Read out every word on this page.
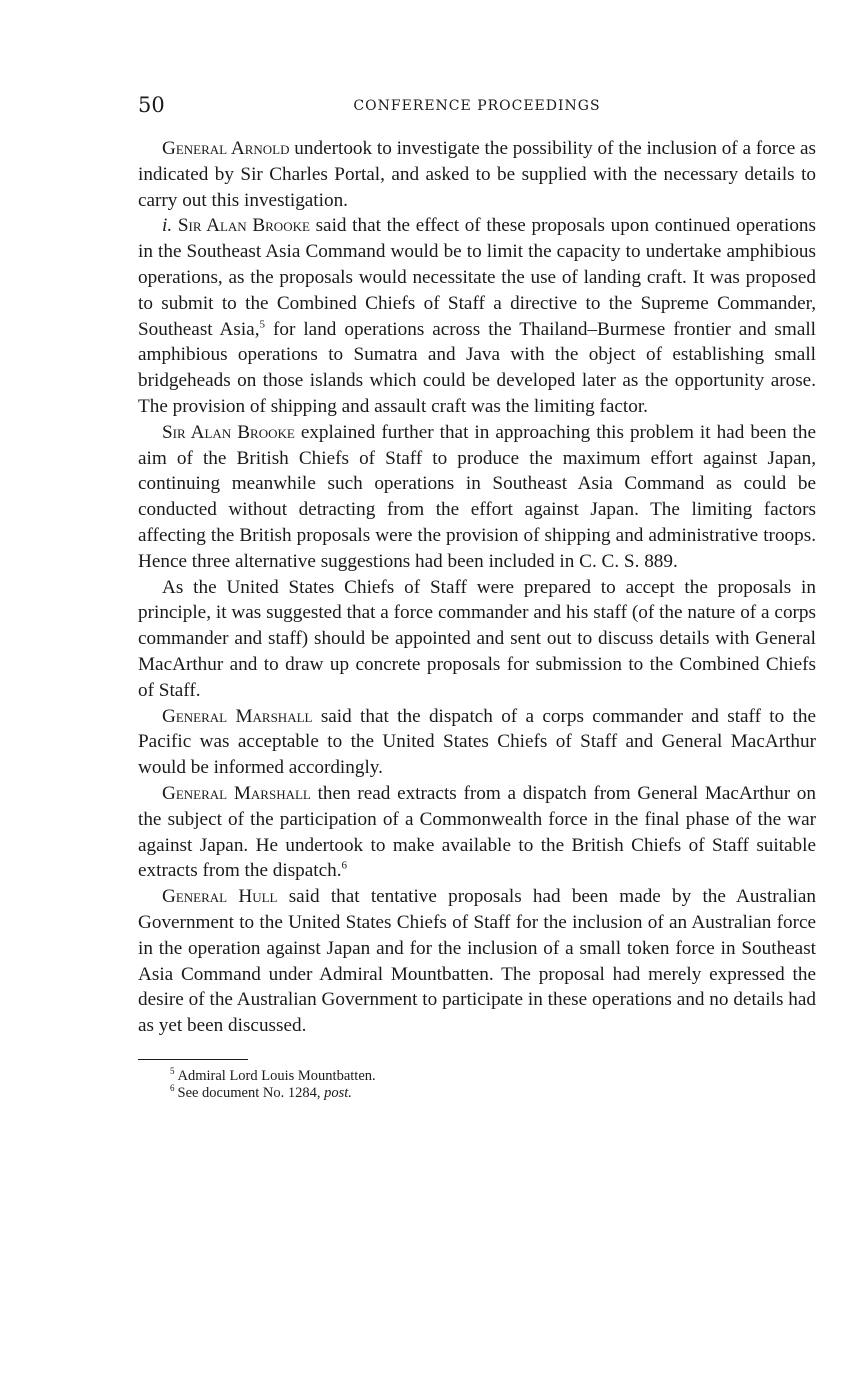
50	CONFERENCE PROCEEDINGS

General Arnold undertook to investigate the possibility of the inclusion of a force as indicated by Sir Charles Portal, and asked to be supplied with the necessary details to carry out this investigation.

i. Sir Alan Brooke said that the effect of these proposals upon continued operations in the Southeast Asia Command would be to limit the capacity to undertake amphibious operations, as the proposals would necessitate the use of landing craft. It was proposed to submit to the Combined Chiefs of Staff a directive to the Supreme Commander, Southeast Asia,$^5$ for land operations across the Thailand–Burmese frontier and small amphibious operations to Sumatra and Java with the object of establishing small bridgeheads on those islands which could be developed later as the opportunity arose. The provision of shipping and assault craft was the limiting factor.

Sir Alan Brooke explained further that in approaching this problem it had been the aim of the British Chiefs of Staff to produce the maximum effort against Japan, continuing meanwhile such operations in Southeast Asia Command as could be conducted without detracting from the effort against Japan. The limiting factors affecting the British proposals were the provision of shipping and administrative troops. Hence three alternative suggestions had been included in C. C. S. 889.

As the United States Chiefs of Staff were prepared to accept the proposals in principle, it was suggested that a force commander and his staff (of the nature of a corps commander and staff) should be appointed and sent out to discuss details with General MacArthur and to draw up concrete proposals for submission to the Combined Chiefs of Staff.

General Marshall said that the dispatch of a corps commander and staff to the Pacific was acceptable to the United States Chiefs of Staff and General MacArthur would be informed accordingly.

General Marshall then read extracts from a dispatch from General MacArthur on the subject of the participation of a Commonwealth force in the final phase of the war against Japan. He undertook to make available to the British Chiefs of Staff suitable extracts from the dispatch.$^6$

General Hull said that tentative proposals had been made by the Australian Government to the United States Chiefs of Staff for the inclusion of an Australian force in the operation against Japan and for the inclusion of a small token force in Southeast Asia Command under Admiral Mountbatten. The proposal had merely expressed the desire of the Australian Government to participate in these operations and no details had as yet been discussed.

$^5$ Admiral Lord Louis Mountbatten.
$^6$ See document No. 1284, post.
